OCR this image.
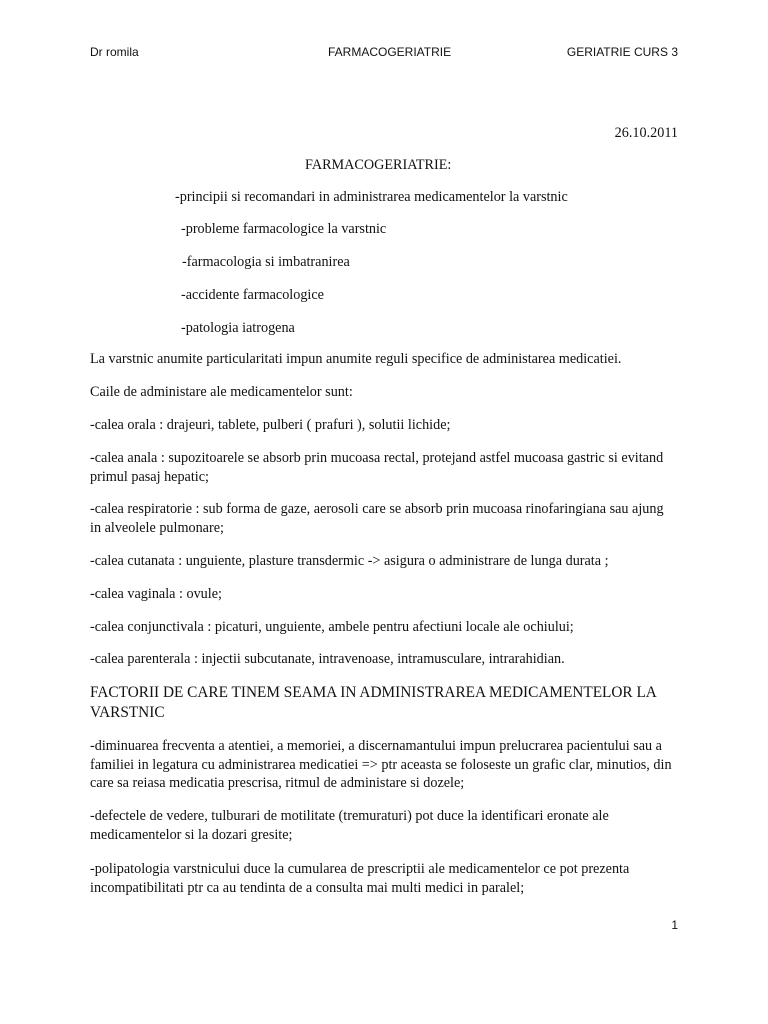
Dr romila	FARMACOGERIATRIE	GERIATRIE CURS 3
26.10.2011
FARMACOGERIATRIE:
-principii si recomandari in administrarea medicamentelor la varstnic
-probleme farmacologice la varstnic
-farmacologia si imbatranirea
-accidente farmacologice
-patologia iatrogena
La varstnic anumite particularitati impun anumite reguli specifice de administarea medicatiei.
Caile de administare ale medicamentelor sunt:
-calea orala : drajeuri, tablete, pulberi ( prafuri ), solutii lichide;
-calea anala : supozitoarele se absorb prin mucoasa rectal, protejand astfel mucoasa gastric si evitand primul pasaj hepatic;
-calea respiratorie : sub forma de gaze, aerosoli care se absorb prin mucoasa rinofaringiana sau ajung in alveolele pulmonare;
-calea cutanata : unguiente, plasture transdermic -> asigura o administrare de lunga durata ;
-calea vaginala : ovule;
-calea conjunctivala : picaturi, unguiente, ambele pentru afectiuni locale ale ochiului;
-calea parenterala : injectii subcutanate, intravenoase, intramusculare, intrarahidian.
FACTORII DE CARE TINEM SEAMA IN ADMINISTRAREA MEDICAMENTELOR LA VARSTNIC
-diminuarea frecventa a atentiei, a memoriei, a discernamantului impun prelucrarea pacientului sau a familiei in legatura cu administrarea medicatiei => ptr aceasta se foloseste un grafic clar, minutios, din care sa reiasa medicatia prescrisa, ritmul de administare si dozele;
-defectele de vedere, tulburari de motilitate (tremuraturi) pot duce la identificari eronate ale medicamentelor si la dozari gresite;
-polipatologia varstnicului duce la cumularea de prescriptii ale medicamentelor ce pot prezenta incompatibilitati ptr ca au tendinta de a consulta mai multi medici in paralel;
1
